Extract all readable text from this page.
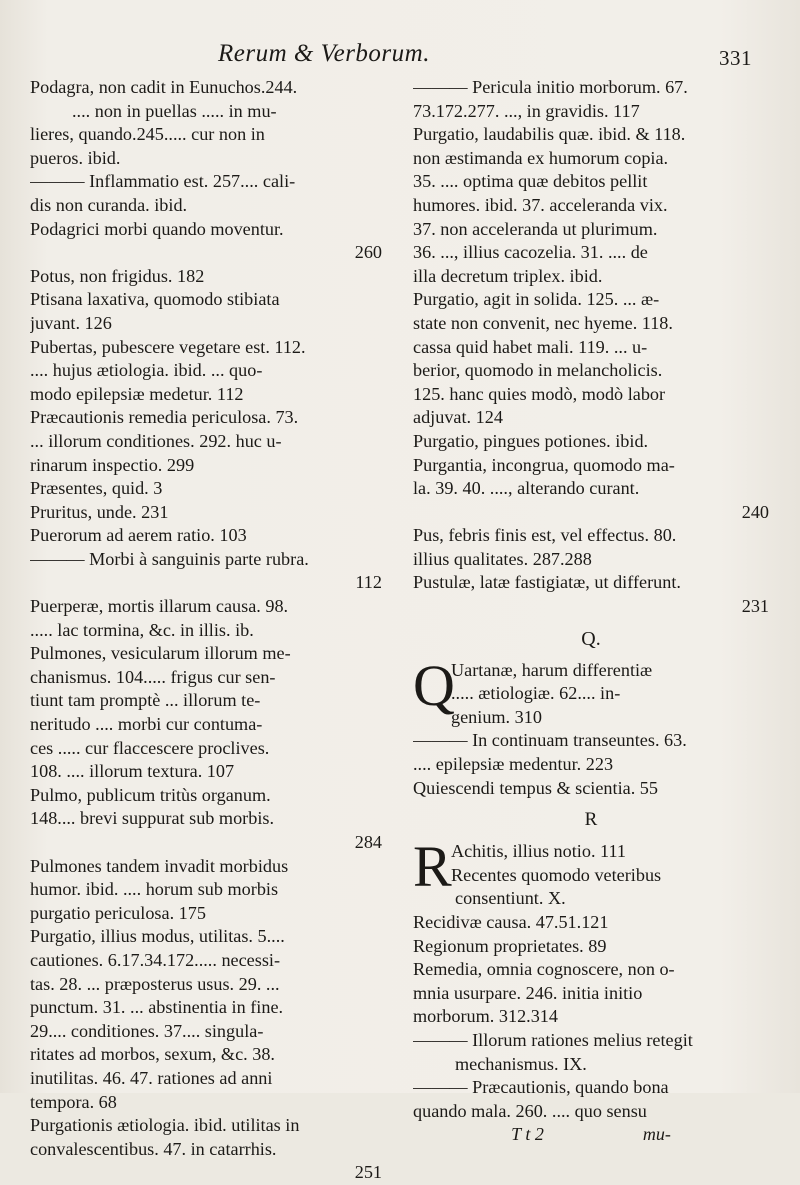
Rerum & Verborum.	331
Podagra, non cadit in Eunuchos.244.
.... non in puellas ..... in mu-
lieres, quando.245..... cur non in
pueros. ibid.
——— Inflammatio est. 257.... cali-
dis non curanda. ibid.
Podagrici morbi quando moventur.
260
Potus, non frigidus. 182
Ptisana laxativa, quomodo stibiata
juvant. 126
Pubertas, pubescere vegetare est. 112.
.... hujus ætiologia. ibid. ... quo-
modo epilepsiæ medetur. 112
Præcautionis remedia periculosa. 73.
... illorum conditiones. 292. huc u-
rinarum inspectio. 299
Præsentes, quid. 3
Pruritus, unde. 231
Puerorum ad aerem ratio. 103
——— Morbi à sanguinis parte rubra.
112
Puerperæ, mortis illarum causa. 98.
..... lac tormina, &c. in illis. ib.
Pulmones, vesicularum illorum me-
chanismus. 104..... frigus cur sen-
tiunt tam promptè ... illorum te-
neritudo .... morbi cur contuma-
ces ..... cur flaccescere proclives.
108. .... illorum textura. 107
Pulmo, publicum tritùs organum.
148.... brevi suppurat sub morbis.
284
Pulmones tandem invadit morbidus
humor. ibid. .... horum sub morbis
purgatio periculosa. 175
Purgatio, illius modus, utilitas. 5....
cautiones. 6.17.34.172..... necessi-
tas. 28. ... præposterus usus. 29. ...
punctum. 31. ... abstinentia in fine.
29.... conditiones. 37.... singula-
ritates ad morbos, sexum, &c. 38.
inutilitas. 46. 47. rationes ad anni
tempora. 68
Purgationis ætiologia. ibid. utilitas in
convalescentibus. 47. in catarrhis.
251
——— Pericula initio morborum. 67.
73.172.277. ..., in gravidis. 117
Purgatio, laudabilis quæ. ibid. & 118.
non æstimanda ex humorum copia.
35. .... optima quæ debitos pellit
humores. ibid. 37. acceleranda vix.
37. non acceleranda ut plurimum.
36. ..., illius cacozelia. 31. .... de
illa decretum triplex. ibid.
Purgatio, agit in solida. 125. ... æ-
state non convenit, nec hyeme. 118.
cassa quid habet mali. 119. ... u-
berior, quomodo in melancholicis.
125. hanc quies modò, modò labor
adjuvat. 124
Purgatio, pingues potiones. ibid.
Purgantia, incongrua, quomodo ma-
la. 39. 40. ...., alterando curant.
240
Pus, febris finis est, vel effectus. 80.
illius qualitates. 287.288
Pustulæ, latæ fastigiatæ, ut differunt.
231
Q.
Q
Uartanæ, harum differentiæ
..... ætiologiæ. 62.... in-
genium. 310
——— In continuam transeuntes. 63.
.... epilepsiæ medentur. 223
Quiescendi tempus & scientia. 55
R
R Achitis, illius notio. 111
Recentes quomodo veteribus
consentiunt. X.
Recidivæ causa. 47.51.121
Regionum proprietates. 89
Remedia, omnia cognoscere, non o-
mnia usurpare. 246. initia initio
morborum. 312.314
——— Illorum rationes melius retegit
mechanismus. IX.
——— Præcautionis, quando bona
quando mala. 260. .... quo sensu
T t 2	mu-
